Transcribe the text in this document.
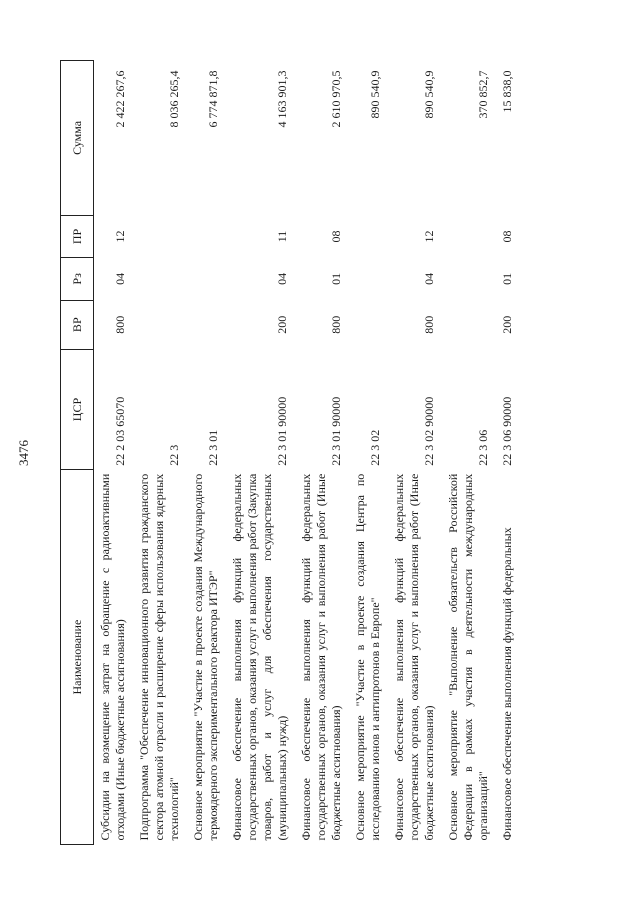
3476
Наименование	ЦСР	ВР	Рз	ПР	Сумма
Субсидии на возмещение затрат на обращение с радиоактивными отходами (Иные бюджетные ассигнования)	22 2 03 65070	800	04	12	2 422 267,6
Подпрограмма "Обеспечение инновационного развития гражданского сектора атомной отрасли и расширение сферы использования ядерных технологий"	22 3				8 036 265,4
Основное мероприятие "Участие в проекте создания Международного термоядерного экспериментального реактора ИТЭР"	22 3 01				6 774 871,8
Финансовое обеспечение выполнения функций федеральных государственных органов, оказания услуг и выполнения работ (Закупка товаров, работ и услуг для обеспечения государственных (муниципальных) нужд)	22 3 01 90000	200	04	11	4 163 901,3
Финансовое обеспечение выполнения функций федеральных государственных органов, оказания услуг и выполнения работ (Иные бюджетные ассигнования)	22 3 01 90000	800	01	08	2 610 970,5
Основное мероприятие "Участие в проекте создания Центра по исследованию ионов и антипротонов в Европе"	22 3 02				890 540,9
Финансовое обеспечение выполнения функций федеральных государственных органов, оказания услуг и выполнения работ (Иные бюджетные ассигнования)	22 3 02 90000	800	04	12	890 540,9
Основное мероприятие "Выполнение обязательств Российской Федерации в рамках участия в деятельности международных организаций"	22 3 06				370 852,7
Финансовое обеспечение выполнения функций федеральных	22 3 06 90000	200	01	08	15 838,0
